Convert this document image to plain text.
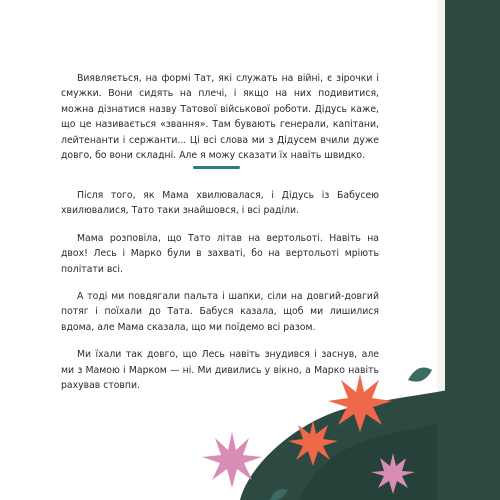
Виявляється, на формі Тат, які служать на війні, є зірочки і смужки. Вони сидять на плечі, і якщо на них подивитися, можна дізнатися назву Татової військової роботи. Дідусь каже, що це називається «звання». Там бувають генерали, капітани, лейтенанти і сержанти... Ці всі слова ми з Дідусем вчили дуже довго, бо вони складні. Але я можу сказати їх навіть швидко.

Після того, як Мама хвилювалася, і Дідусь із Бабусею хвилювалися, Тато таки знайшовся, і всі раділи.

Мама розповіла, що Тато літав на вертольоті. Навіть на двох! Лесь і Марко були в захваті, бо на вертольоті мріють політати всі.

А тоді ми повдягали пальта і шапки, сіли на довгий-довгий потяг і поїхали до Тата. Бабуся казала, щоб ми лишилися вдома, але Мама сказала, що ми поїдемо всі разом.

Ми їхали так довго, що Лесь навіть знудився і заснув, але ми з Мамою і Марком — ні. Ми дивились у вікно, а Марко навіть рахував стовпи.
